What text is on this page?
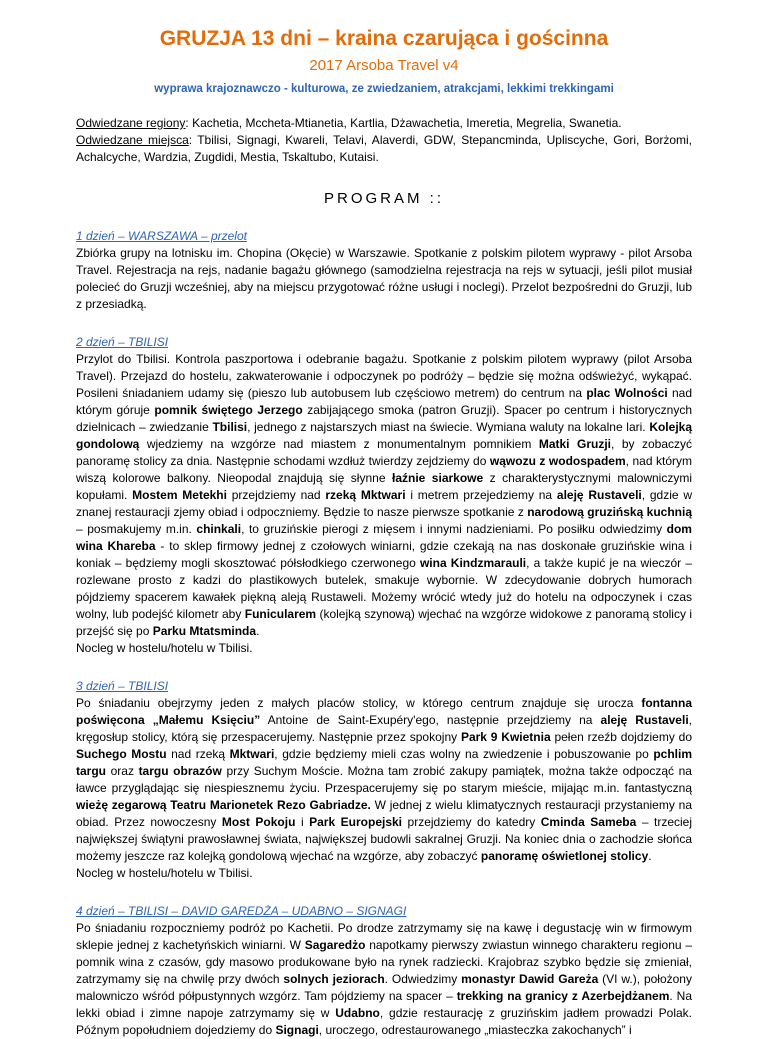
GRUZJA 13 dni – kraina czarująca i gościnna

2017 Arsoba Travel v4

wyprawa krajoznawczo - kulturowa, ze zwiedzaniem, atrakcjami, lekkimi trekkingami

Odwiedzane regiony: Kachetia, Mccheta-Mtianetia, Kartlia, Dżawachetia, Imeretia, Megrelia, Swanetia.

Odwiedzane miejsca: Tbilisi, Signagi, Kwareli, Telavi, Alaverdi, GDW, Stepancminda, Upliscyche, Gori, Borżomi, Achalcyche, Wardzia, Zugdidi, Mestia, Tskaltubo, Kutaisi.

PROGRAM ::
1 dzień – WARSZAWA – przelot

Zbiórka grupy na lotnisku im. Chopina (Okęcie) w Warszawie. Spotkanie z polskim pilotem wyprawy - pilot Arsoba Travel. Rejestracja na rejs, nadanie bagażu głównego (samodzielna rejestracja na rejs w sytuacji, jeśli pilot musiał polecieć do Gruzji wcześniej, aby na miejscu przygotować różne usługi i noclegi). Przelot bezpośredni do Gruzji, lub z przesiadką.

2 dzień – TBILISI

Przylot do Tbilisi. Kontrola paszportowa i odebranie bagażu. Spotkanie z polskim pilotem wyprawy (pilot Arsoba Travel). Przejazd do hostelu, zakwaterowanie i odpoczynek po podróży – będzie się można odświeżyć, wykąpać. Posileni śniadaniem udamy się (pieszo lub autobusem lub częściowo metrem) do centrum na plac Wolności nad którym góruje pomnik świętego Jerzego zabijającego smoka (patron Gruzji). Spacer po centrum i historycznych dzielnicach – zwiedzanie Tbilisi, jednego z najstarszych miast na świecie. Wymiana waluty na lokalne lari. Kolejką gondolową wjedziemy na wzgórze nad miastem z monumentalnym pomnikiem Matki Gruzji, by zobaczyć panoramę stolicy za dnia. Następnie schodami wzdłuż twierdzy zejdziemy do wąwozu z wodospadem, nad którym wiszą kolorowe balkony. Nieopodal znajdują się słynne łaźnie siarkowe z charakterystycznymi malowniczymi kopułami. Mostem Metekhi przejdziemy nad rzeką Mktwari i metrem przejedziemy na aleję Rustaveli, gdzie w znanej restauracji zjemy obiad i odpoczniemy. Będzie to nasze pierwsze spotkanie z narodową gruzińską kuchnią – posmakujemy m.in. chinkali, to gruzińskie pierogi z mięsem i innymi nadzieniami. Po posiłku odwiedzimy dom wina Khareba - to sklep firmowy jednej z czołowych winiarni, gdzie czekają na nas doskonałe gruzińskie wina i koniak – będziemy mogli skosztować półsłodkiego czerwonego wina Kindzmarauli, a także kupić je na wieczór – rozlewane prosto z kadzi do plastikowych butelek, smakuje wybornie. W zdecydowanie dobrych humorach pójdziemy spacerem kawałek piękną aleją Rustaweli. Możemy wrócić wtedy już do hotelu na odpoczynek i czas wolny, lub podejść kilometr aby Funicularem (kolejką szynową) wjechać na wzgórze widokowe z panoramą stolicy i przejść się po Parku Mtatsminda.

Nocleg w hostelu/hotelu w Tbilisi.

3 dzień – TBILISI

Po śniadaniu obejrzymy jeden z małych placów stolicy, w którego centrum znajduje się urocza fontanna poświęcona „Małemu Księciu” Antoine de Saint-Exupéry'ego, następnie przejdziemy na aleję Rustaveli, kręgosłup stolicy, którą się przespacerujemy. Następnie przez spokojny Park 9 Kwietnia pełen rzeźb dojdziemy do Suchego Mostu nad rzeką Mktwari, gdzie będziemy mieli czas wolny na zwiedzenie i pobuszowanie po pchlim targu oraz targu obrazów przy Suchym Moście. Można tam zrobić zakupy pamiątek, można także odpocząć na ławce przyglądając się niespiesznemu życiu. Przespacerujemy się po starym mieście, mijając m.in. fantastyczną wieżę zegarową Teatru Marionetek Rezo Gabriadze. W jednej z wielu klimatycznych restauracji przystaniemy na obiad. Przez nowoczesny Most Pokoju i Park Europejski przejdziemy do katedry Cminda Sameba – trzeciej największej świątyni prawosławnej świata, największej budowli sakralnej Gruzji. Na koniec dnia o zachodzie słońca możemy jeszcze raz kolejką gondolową wjechać na wzgórze, aby zobaczyć panoramę oświetlonej stolicy.

Nocleg w hostelu/hotelu w Tbilisi.

4 dzień – TBILISI – DAVID GAREDŻA – UDABNO – SIGNAGI

Po śniadaniu rozpoczniemy podróż po Kachetii. Po drodze zatrzymamy się na kawę i degustację win w firmowym sklepie jednej z kachetyńskich winiarni. W Sagaredżo napotkamy pierwszy zwiastun winnego charakteru regionu – pomnik wina z czasów, gdy masowo produkowane było na rynek radziecki. Krajobraz szybko będzie się zmieniał, zatrzymamy się na chwilę przy dwóch solnych jeziorach. Odwiedzimy monastyr Dawid Gareża (VI w.), położony malowniczo wśród półpustynnych wzgórz. Tam pójdziemy na spacer – trekking na granicy z Azerbejdżanem. Na lekki obiad i zimne napoje zatrzymamy się w Udabno, gdzie restaurację z gruzińskim jadłem prowadzi Polak. Późnym popołudniem dojedziemy do Signagi, uroczego, odrestaurowanego „miasteczka zakochanych” i
